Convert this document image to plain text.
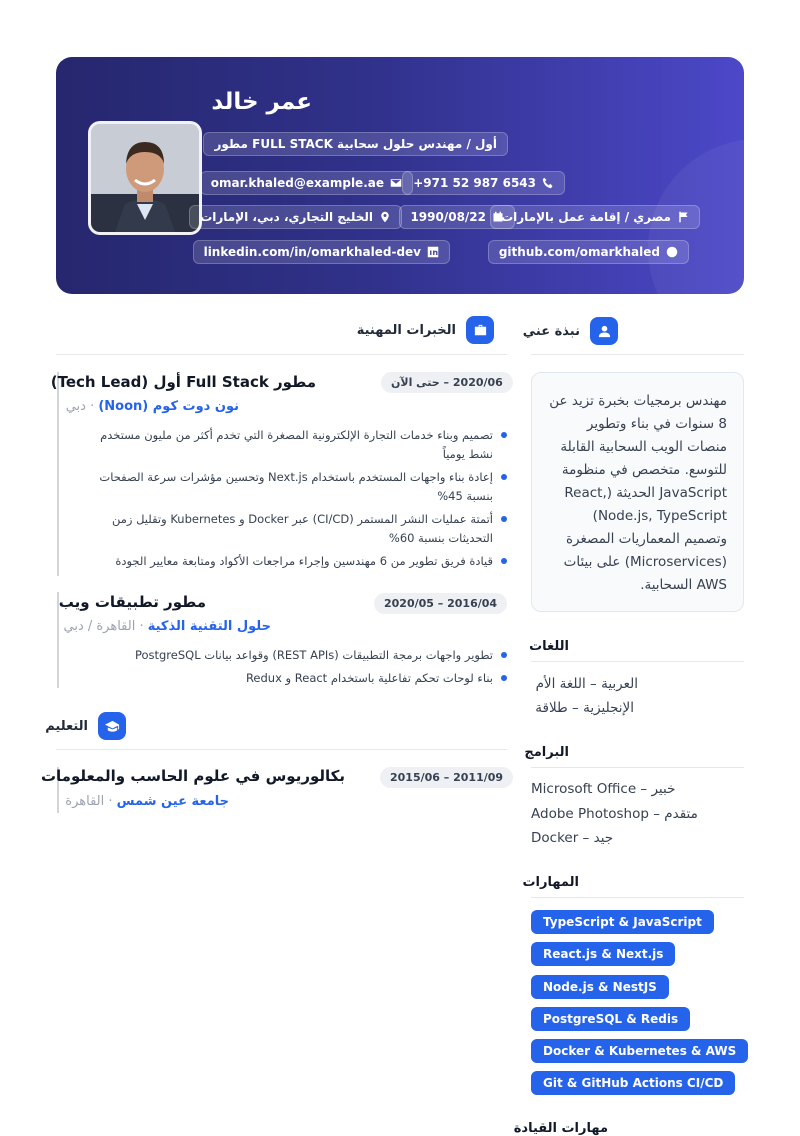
عمر خالد
أول / مهندس حلول سحابية FULL STACK مطور
omar.khaled@example.ae +971 52 987 6543
الخليج التجاري، دبي، الإمارات	1990/08/22 مصري / إقامة عمل بالإمارات
linkedin.com/in/omarkhaled-dev	github.com/omarkhaled
الخبرات المهنية
مطور Full Stack أول (Tech Lead)	2020/06 – حتى الآن
نون دوت كوم (Noon) · دبي
تصميم وبناء خدمات التجارة الإلكترونية المصغرة التي تخدم أكثر من مليون مستخدم نشط يومياً
إعادة بناء واجهات المستخدم باستخدام Next.js وتحسين مؤشرات سرعة الصفحات بنسبة 45%
أتمتة عمليات النشر المستمر (CI/CD) عبر Docker و Kubernetes وتقليل زمن التحديثات بنسبة 60%
قيادة فريق تطوير من 6 مهندسين وإجراء مراجعات الأكواد ومتابعة معايير الجودة
مطور تطبيقات ويب	2016/04 – 2020/05
حلول التقنية الذكية · القاهرة / دبي
تطوير واجهات برمجة التطبيقات (REST APIs) وقواعد بيانات PostgreSQL
بناء لوحات تحكم تفاعلية باستخدام React و Redux
التعليم
بكالوريوس في علوم الحاسب والمعلومات	2011/09 – 2015/06
جامعة عين شمس · القاهرة
نبذة عني
مهندس برمجيات بخبرة تزيد عن 8 سنوات في بناء وتطوير منصات الويب السحابية القابلة للتوسع. متخصص في منظومة JavaScript الحديثة (React, Node.js, TypeScript) وتصميم المعماريات المصغرة (Microservices) على بيئات AWS السحابية.
اللغات
العربية – اللغة الأم
الإنجليزية – طلاقة
البرامج
Microsoft Office – خبير
Adobe Photoshop – متقدم
Docker – جيد
المهارات
TypeScript & JavaScript
React.js & Next.js
Node.js & NestJS
PostgreSQL & Redis
Docker & Kubernetes & AWS
Git & GitHub Actions CI/CD
مهارات القيادة
